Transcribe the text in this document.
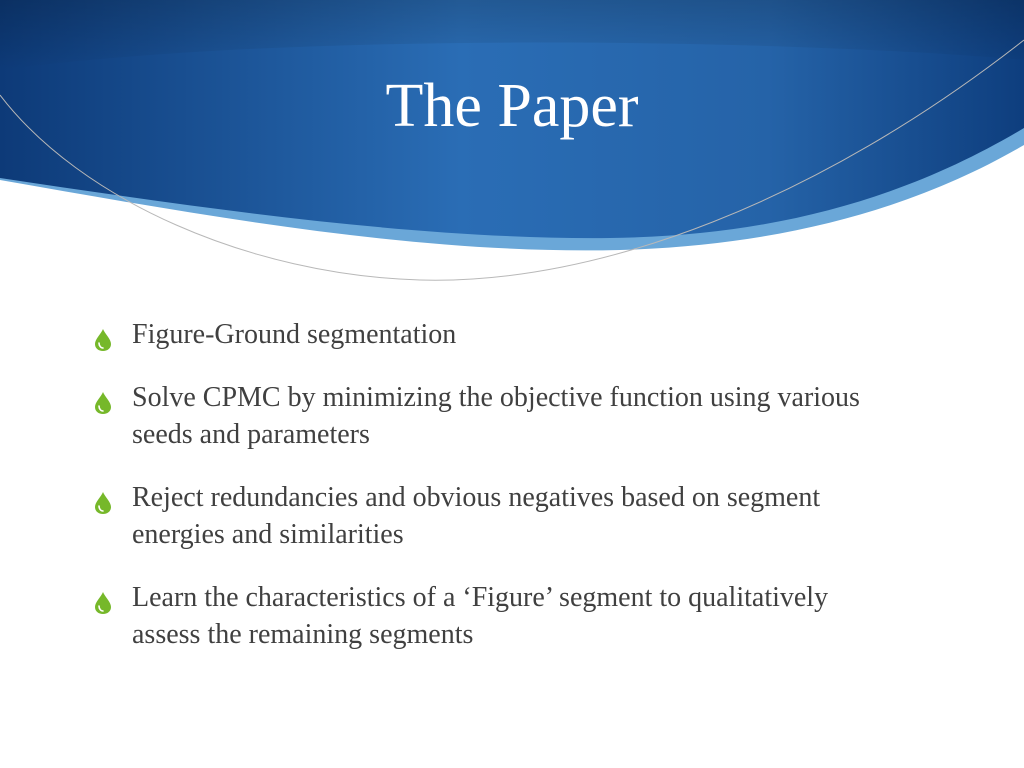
The Paper
Figure-Ground segmentation
Solve CPMC by minimizing the objective function using various seeds and parameters
Reject redundancies and obvious negatives based on segment energies and similarities
Learn the characteristics of a ‘Figure’ segment to qualitatively assess the remaining segments
